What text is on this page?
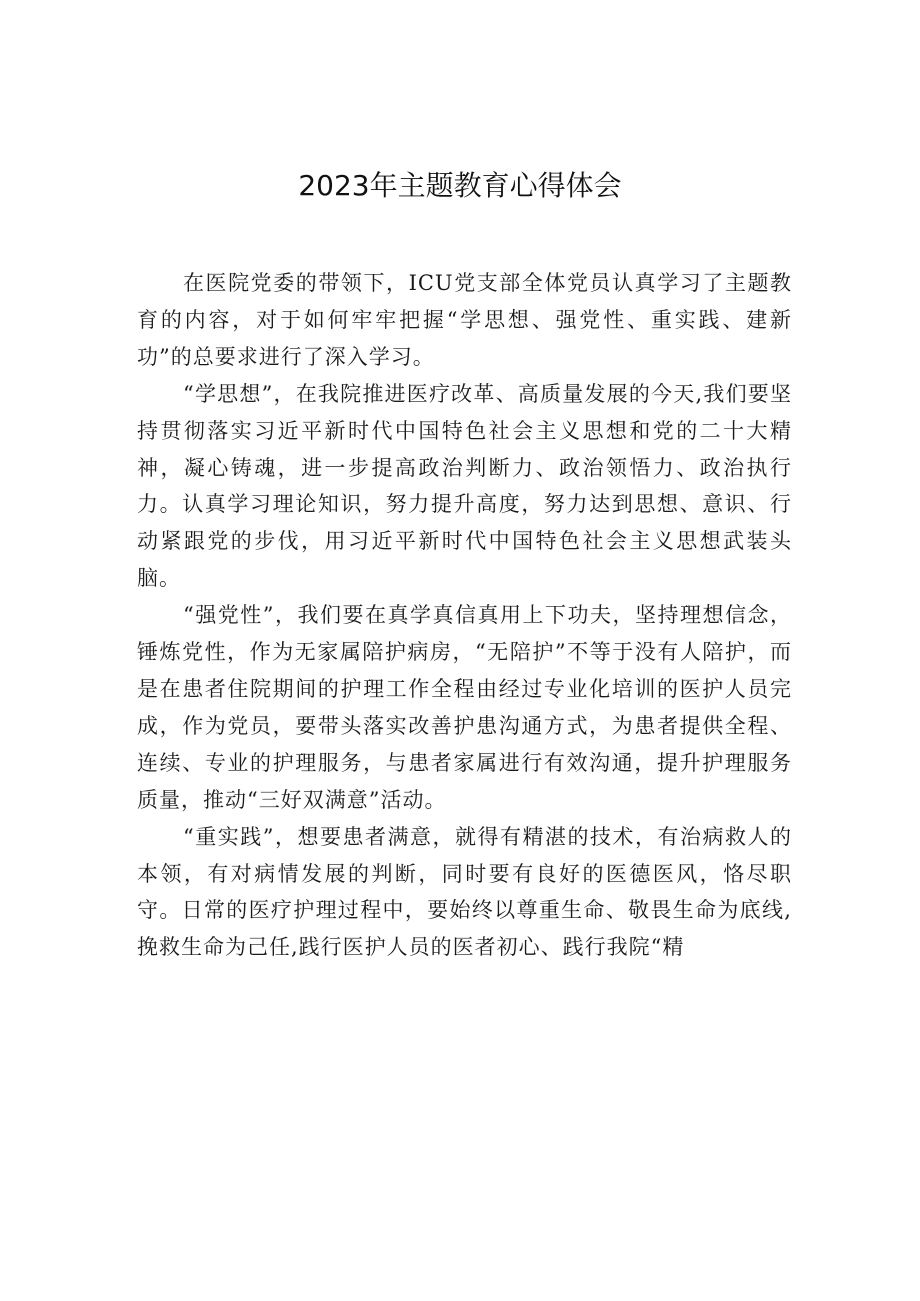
2023年主题教育心得体会

在医院党委的带领下，ICU党支部全体党员认真学习了主题教育的内容，对于如何牢牢把握“学思想、强党性、重实践、建新功”的总要求进行了深入学习。

“学思想”，在我院推进医疗改革、高质量发展的今天,我们要坚持贯彻落实习近平新时代中国特色社会主义思想和党的二十大精神，凝心铸魂，进一步提高政治判断力、政治领悟力、政治执行力。认真学习理论知识，努力提升高度，努力达到思想、意识、行动紧跟党的步伐，用习近平新时代中国特色社会主义思想武装头脑。

“强党性”，我们要在真学真信真用上下功夫，坚持理想信念，锤炼党性，作为无家属陪护病房，“无陪护”不等于没有人陪护，而是在患者住院期间的护理工作全程由经过专业化培训的医护人员完成，作为党员，要带头落实改善护患沟通方式，为患者提供全程、连续、专业的护理服务，与患者家属进行有效沟通，提升护理服务质量，推动“三好双满意”活动。

“重实践”，想要患者满意，就得有精湛的技术，有治病救人的本领，有对病情发展的判断，同时要有良好的医德医风，恪尽职守。日常的医疗护理过程中，要始终以尊重生命、敬畏生命为底线,挽救生命为己任,践行医护人员的医者初心、践行我院“精
